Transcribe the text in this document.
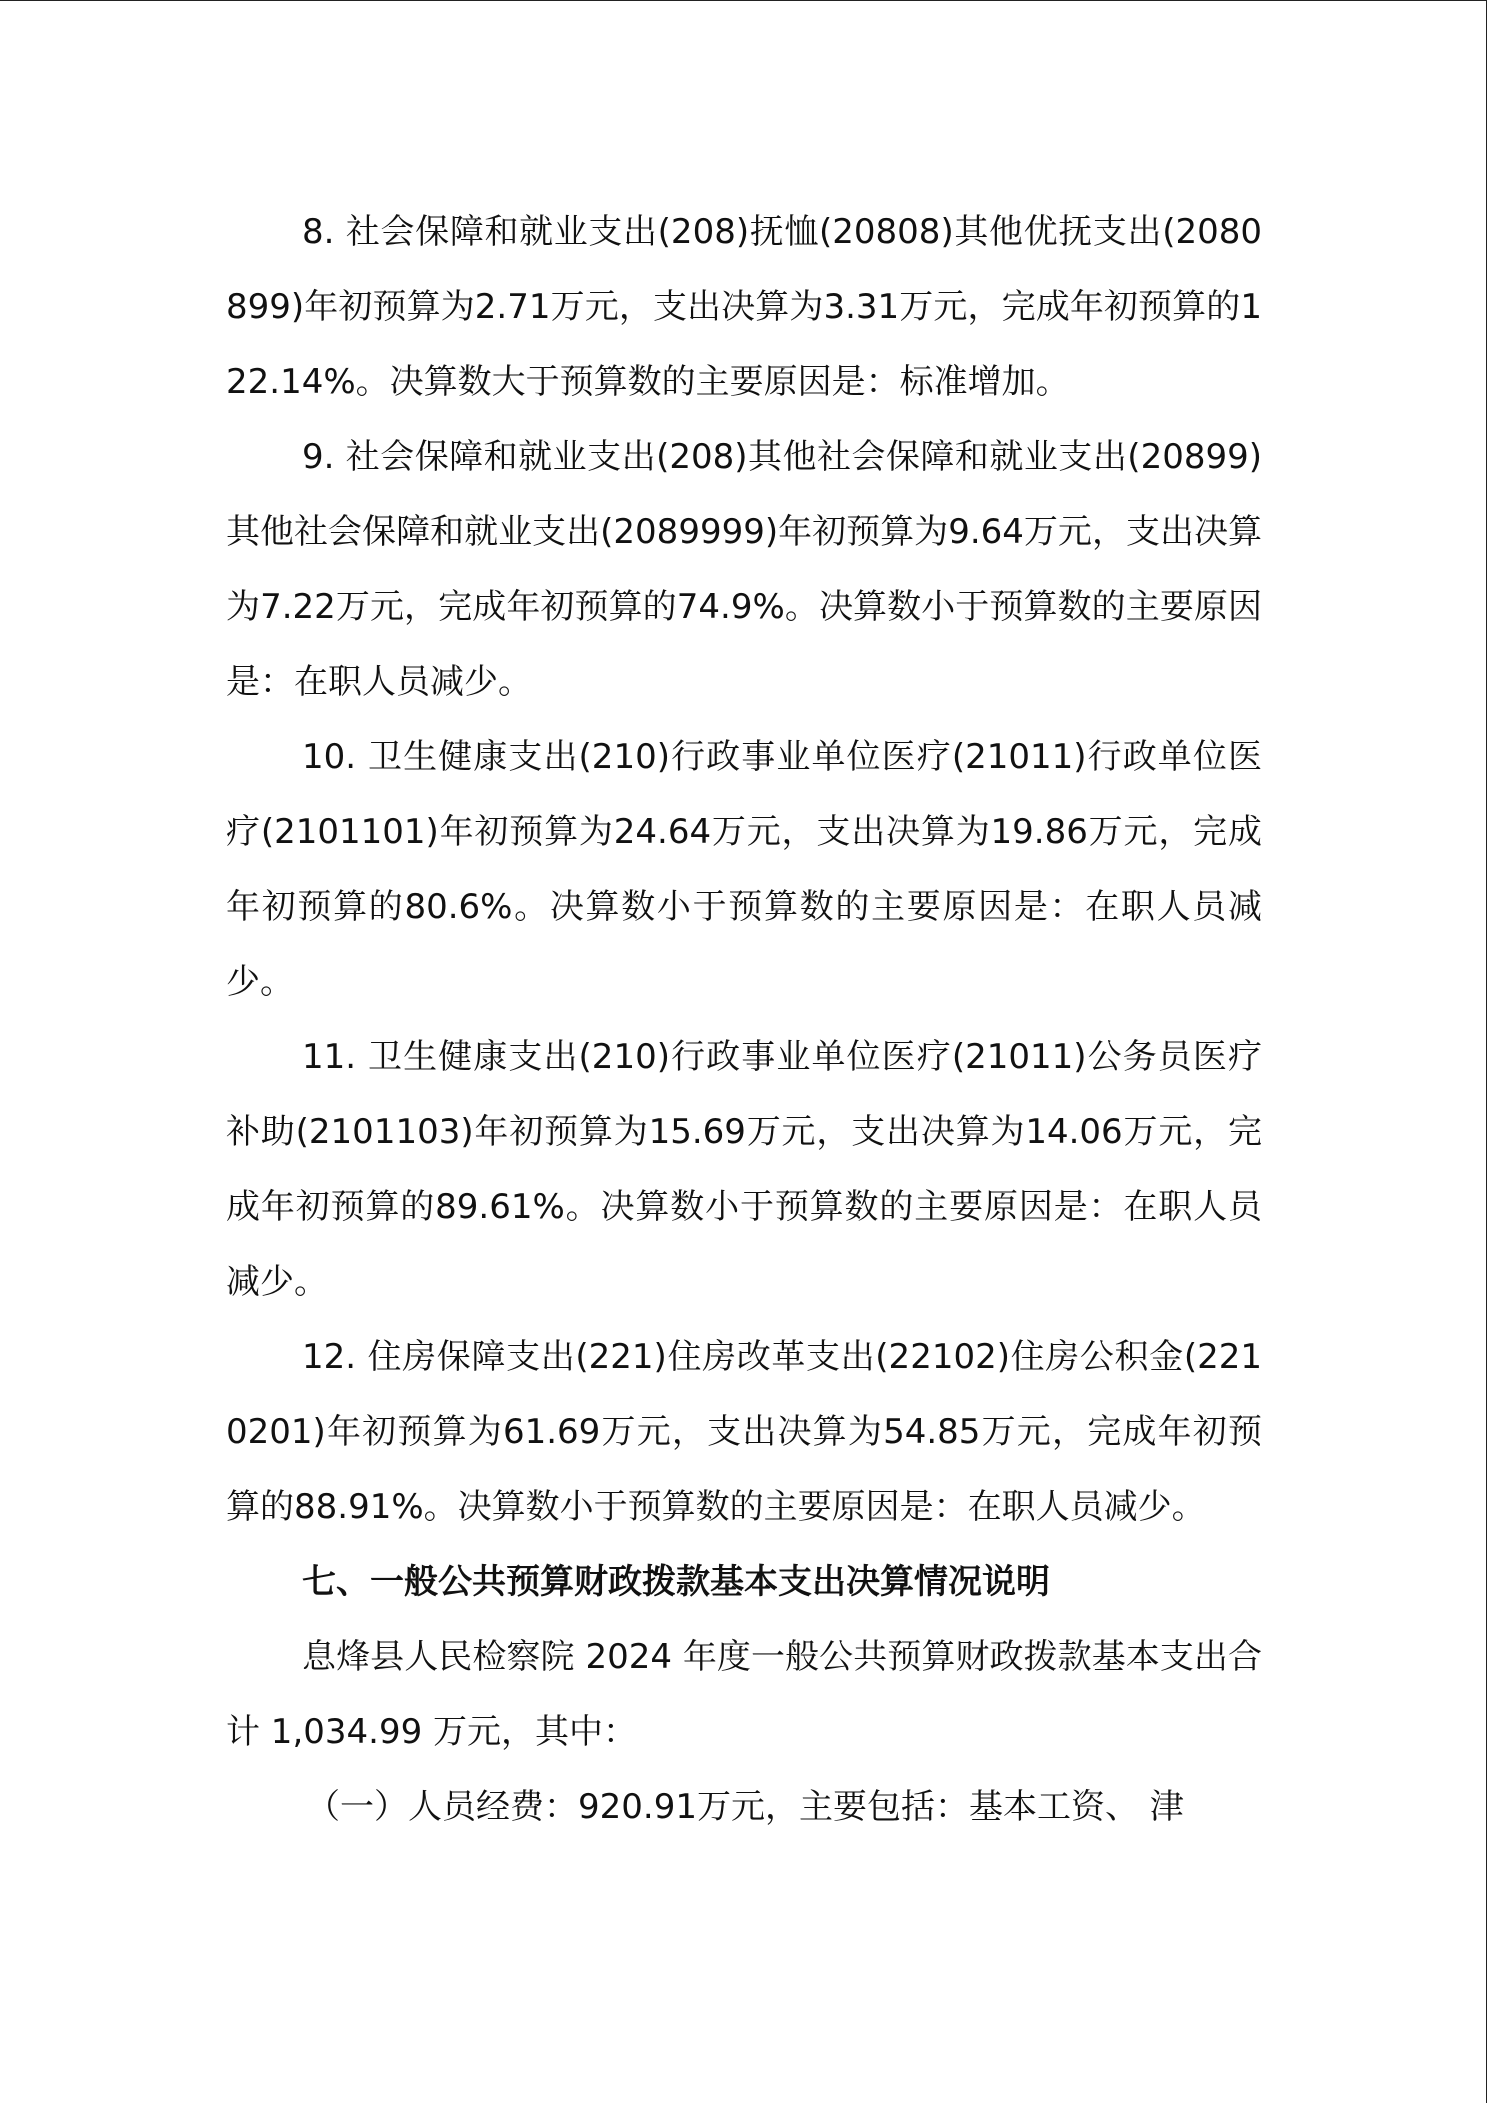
8. 社会保障和就业支出(208)抚恤(20808)其他优抚支出(2080899)年初预算为2.71万元，支出决算为3.31万元，完成年初预算的122.14%。决算数大于预算数的主要原因是：标准增加。

9. 社会保障和就业支出(208)其他社会保障和就业支出(20899)其他社会保障和就业支出(2089999)年初预算为9.64万元，支出决算为7.22万元，完成年初预算的74.9%。决算数小于预算数的主要原因是：在职人员减少。

10. 卫生健康支出(210)行政事业单位医疗(21011)行政单位医疗(2101101)年初预算为24.64万元，支出决算为19.86万元，完成年初预算的80.6%。决算数小于预算数的主要原因是：在职人员减少。

11. 卫生健康支出(210)行政事业单位医疗(21011)公务员医疗补助(2101103)年初预算为15.69万元，支出决算为14.06万元，完成年初预算的89.61%。决算数小于预算数的主要原因是：在职人员减少。

12. 住房保障支出(221)住房改革支出(22102)住房公积金(2210201)年初预算为61.69万元，支出决算为54.85万元，完成年初预算的88.91%。决算数小于预算数的主要原因是：在职人员减少。

七、一般公共预算财政拨款基本支出决算情况说明

息烽县人民检察院 2024 年度一般公共预算财政拨款基本支出合计 1,034.99 万元，其中：

（一）人员经费：920.91万元，主要包括：基本工资、 津
